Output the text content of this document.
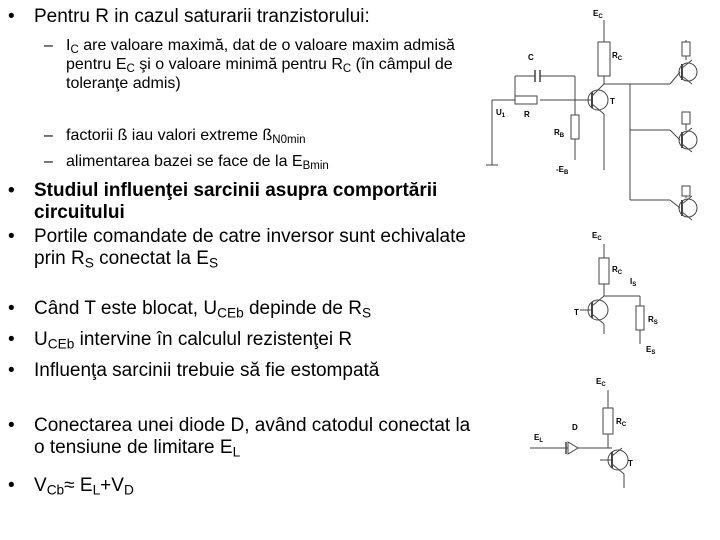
• Pentru R in cazul saturarii tranzistorului:
– $I_C$ are valoare maximă, dat de o valoare maxim admisă pentru $E_C$ şi o valoare minimă pentru $R_C$ (în câmpul de toleranţe admis)
– factorii ß iau valori extreme $ß_{N0min}$
– alimentarea bazei se face de la $E_{Bmin}$
• Studiul influenţei sarcinii asupra comportării circuitului
• Portile comandate de catre inversor sunt echivalate prin $R_S$ conectat la $E_S$
• Când T este blocat, $U_{CEb}$ depinde de $R_S$
• $U_{CEb}$ intervine în calculul rezistenţei R
• Influenţa sarcinii trebuie să fie estompată
• Conectarea unei diode D, având catodul conectat la o tensiune de limitare $E_L$
• $V_{Cb}\approx E_L+V_D$
$E_C$
$R_C$
T
C
$U_1$ R
$R_B$
$-E_B$
$E_C$
$R_C$
$I_S$
T
$R_S$
$E_S$
$E_C$
$R_C$
$E_L$
D
T
